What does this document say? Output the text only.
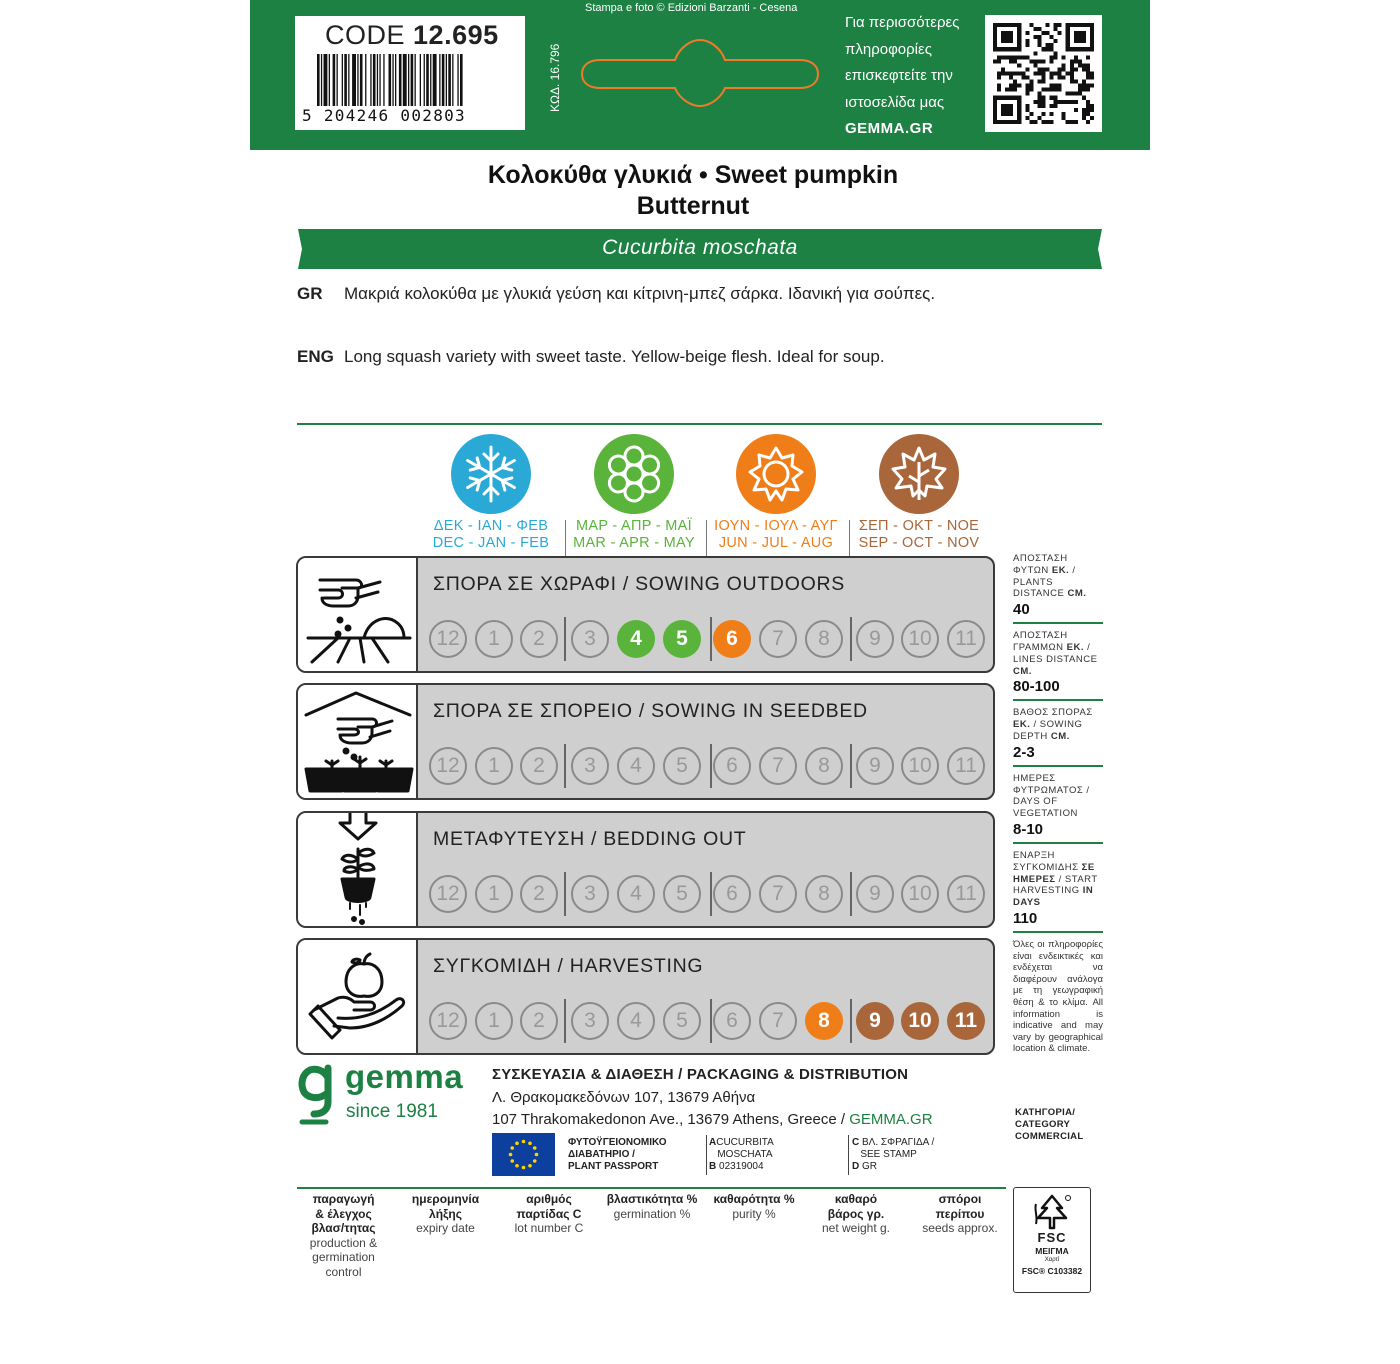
CODE 12.695
5 204246 002803
ΚΩΔ. 16.796
Stampa e foto © Edizioni Barzanti - Cesena
Για περισσότερες
πληροφορίες
επισκεφτείτε την
ιστοσελίδα μας
GEMMA.GR
Κολοκύθα γλυκιά • Sweet pumpkin
Butternut
Cucurbita moschata
GR Μακριά κολοκύθα με γλυκιά γεύση και κίτρινη-μπεζ σάρκα. Ιδανική για σούπες.
ENG Long squash variety with sweet taste. Yellow-beige flesh. Ideal for soup.
ΔΕΚ - ΙΑΝ - ΦΕΒ
DEC - JAN - FEB
ΜΑΡ - ΑΠΡ - ΜΑΪ
MAR - APR - MAY
ΙΟΥΝ - ΙΟΥΛ - ΑΥΓ
JUN - JUL - AUG
ΣΕΠ - ΟΚΤ - ΝΟΕ
SEP - OCT - NOV
ΣΠΟΡΑ ΣΕ ΧΩΡΑΦΙ / SOWING OUTDOORS
12	1	2	3	4	5	6	7	8	9	10	11
ΣΠΟΡΑ ΣΕ ΣΠΟΡΕΙΟ / SOWING IN SEEDBED
12	1	2	3	4	5	6	7	8	9	10	11
ΜΕΤΑΦΥΤΕΥΣΗ / BEDDING OUT
12	1	2	3	4	5	6	7	8	9	10	11
ΣΥΓΚΟΜΙΔΗ / HARVESTING
12	1	2	3	4	5	6	7	8	9	10	11
ΑΠΟΣΤΑΣΗ ΦΥΤΩΝ ΕΚ. / PLANTS DISTANCE CM.
40
ΑΠΟΣΤΑΣΗ ΓΡΑΜΜΩΝ ΕΚ. / LINES DISTANCE CM.
80-100
ΒΑΘΟΣ ΣΠΟΡΑΣ ΕΚ. / SOWING DEPTH CM.
2-3
ΗΜΕΡΕΣ ΦΥΤΡΩΜΑΤΟΣ / DAYS OF VEGETATION
8-10
ΕΝΑΡΞΗ ΣΥΓΚΟΜΙΔΗΣ ΣΕ ΗΜΕΡΕΣ / START HARVESTING IN DAYS
110
Όλες οι πληροφορίες είναι ενδεικτικές και ενδέχεται να διαφέρουν ανάλογα με τη γεωγραφική θέση & το κλίμα. All information is indicative and may vary by geographical location & climate.
ΚΑΤΗΓΟΡΙΑ/
CATEGORY
COMMERCIAL
gemma
since 1981
ΣΥΣΚΕΥΑΣΙΑ & ΔΙΑΘΕΣΗ / PACKAGING & DISTRIBUTION
Λ. Θρακομακεδόνων 107, 13679 Αθήνα
107 Thrakomakedonon Ave., 13679 Athens, Greece / GEMMA.GR
ΦΥΤΟΫΓΕΙΟΝΟΜΙΚΟ
ΔΙΑΒΑΤΗΡΙΟ /
PLANT PASSPORT
ACUCURBITA
MOSCHATA
B 02319004
C ΒΛ. ΣΦΡΑΓΙΔΑ /
SEE STAMP
D GR
παραγωγή
& έλεγχος
βλασ/τητας
production &
germination
control
ημερομηνία
λήξης
expiry date
αριθμός
παρτίδας C
lot number C
βλαστικότητα %
germination %
καθαρότητα %
purity %
καθαρό
βάρος γρ.
net weight g.
σπόροι
περίπου
seeds approx.
FSC
ΜΕΙΓΜΑ
Χαρτί
FSC® C103382
